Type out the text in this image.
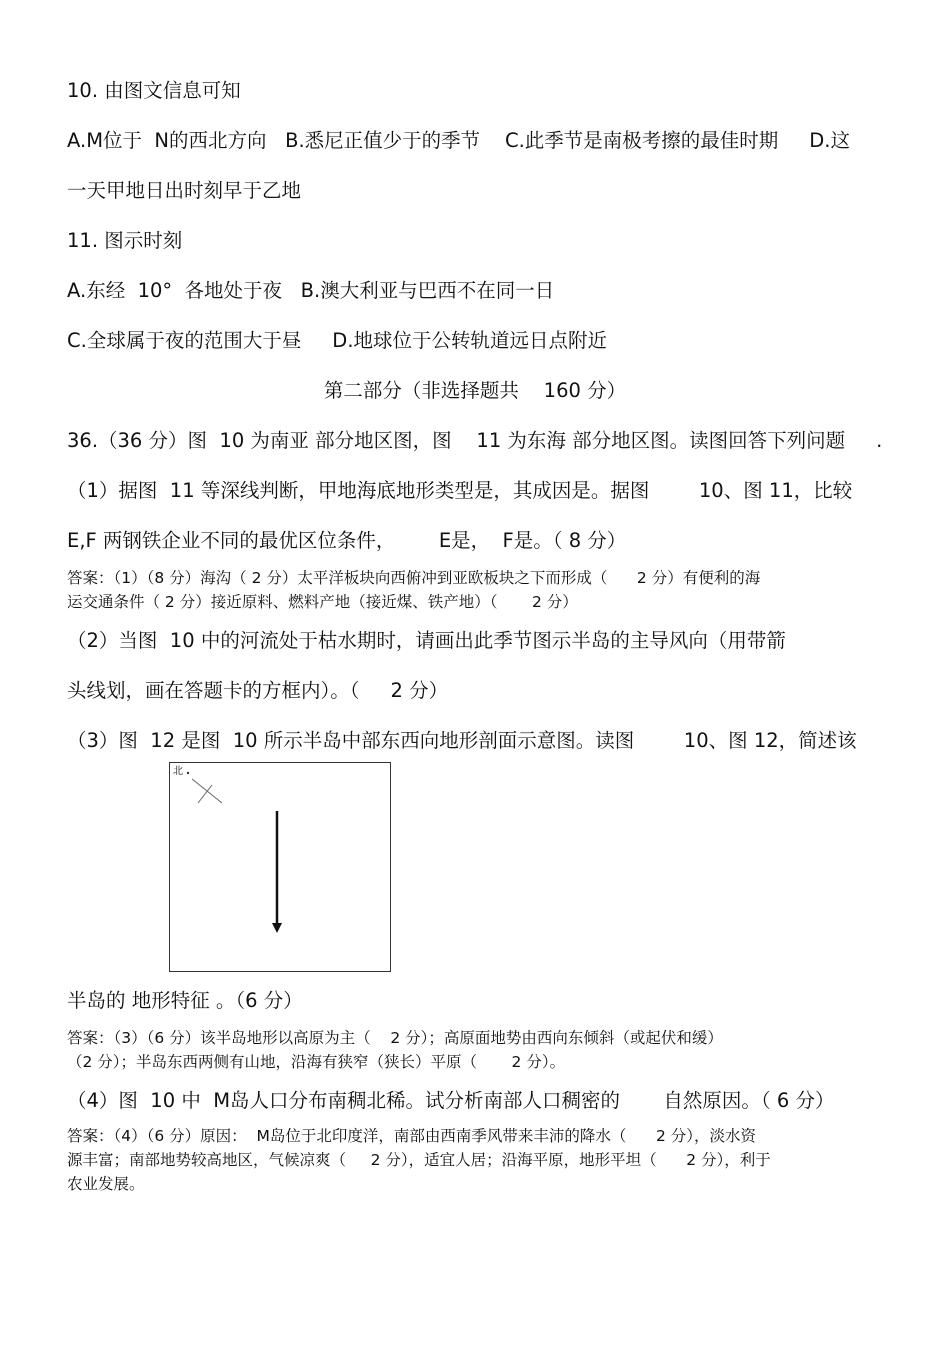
10. 由图文信息可知
A.M位于  N的西北方向   B.悉尼正值少于的季节    C.此季节是南极考擦的最佳时期     D.这
一天甲地日出时刻早于乙地
11. 图示时刻
A.东经  10°  各地处于夜   B.澳大利亚与巴西不在同一日
C.全球属于夜的范围大于昼     D.地球位于公转轨道远日点附近
第二部分（非选择题共    160 分）
36.（36 分）图  10 为南亚 部分地区图，图    11 为东海 部分地区图。读图回答下列问题     .
（1）据图  11 等深线判断，甲地海底地形类型是，其成因是。据图        10、图 11，比较
E,F 两钢铁企业不同的最优区位条件，       E是，  F是。（ 8 分）
答案：（1）（8 分）海沟（ 2 分）太平洋板块向西俯冲到亚欧板块之下而形成（      2 分）有便利的海
运交通条件（ 2 分）接近原料、燃料产地（接近煤、铁产地）（       2 分）
（2）当图  10 中的河流处于枯水期时，请画出此季节图示半岛的主导风向（用带箭
头线划，画在答题卡的方框内）。（     2 分）
（3）图  12 是图  10 所示半岛中部东西向地形剖面示意图。读图        10、图 12，简述该
北
半岛的 地形特征 。（6 分）
答案：（3）（6 分）该半岛地形以高原为主（    2 分）；高原面地势由西向东倾斜（或起伏和缓）
（2 分）；半岛东西两侧有山地，沿海有狭窄（狭长）平原（       2 分）。
（4）图  10 中  M岛人口分布南稠北稀。试分析南部人口稠密的       自然原因。（ 6 分）
答案：（4）（6 分）原因：  M岛位于北印度洋，南部由西南季风带来丰沛的降水（      2 分），淡水资
源丰富；南部地势较高地区，气候凉爽（     2 分），适宜人居；沿海平原，地形平坦（      2 分），利于
农业发展。
